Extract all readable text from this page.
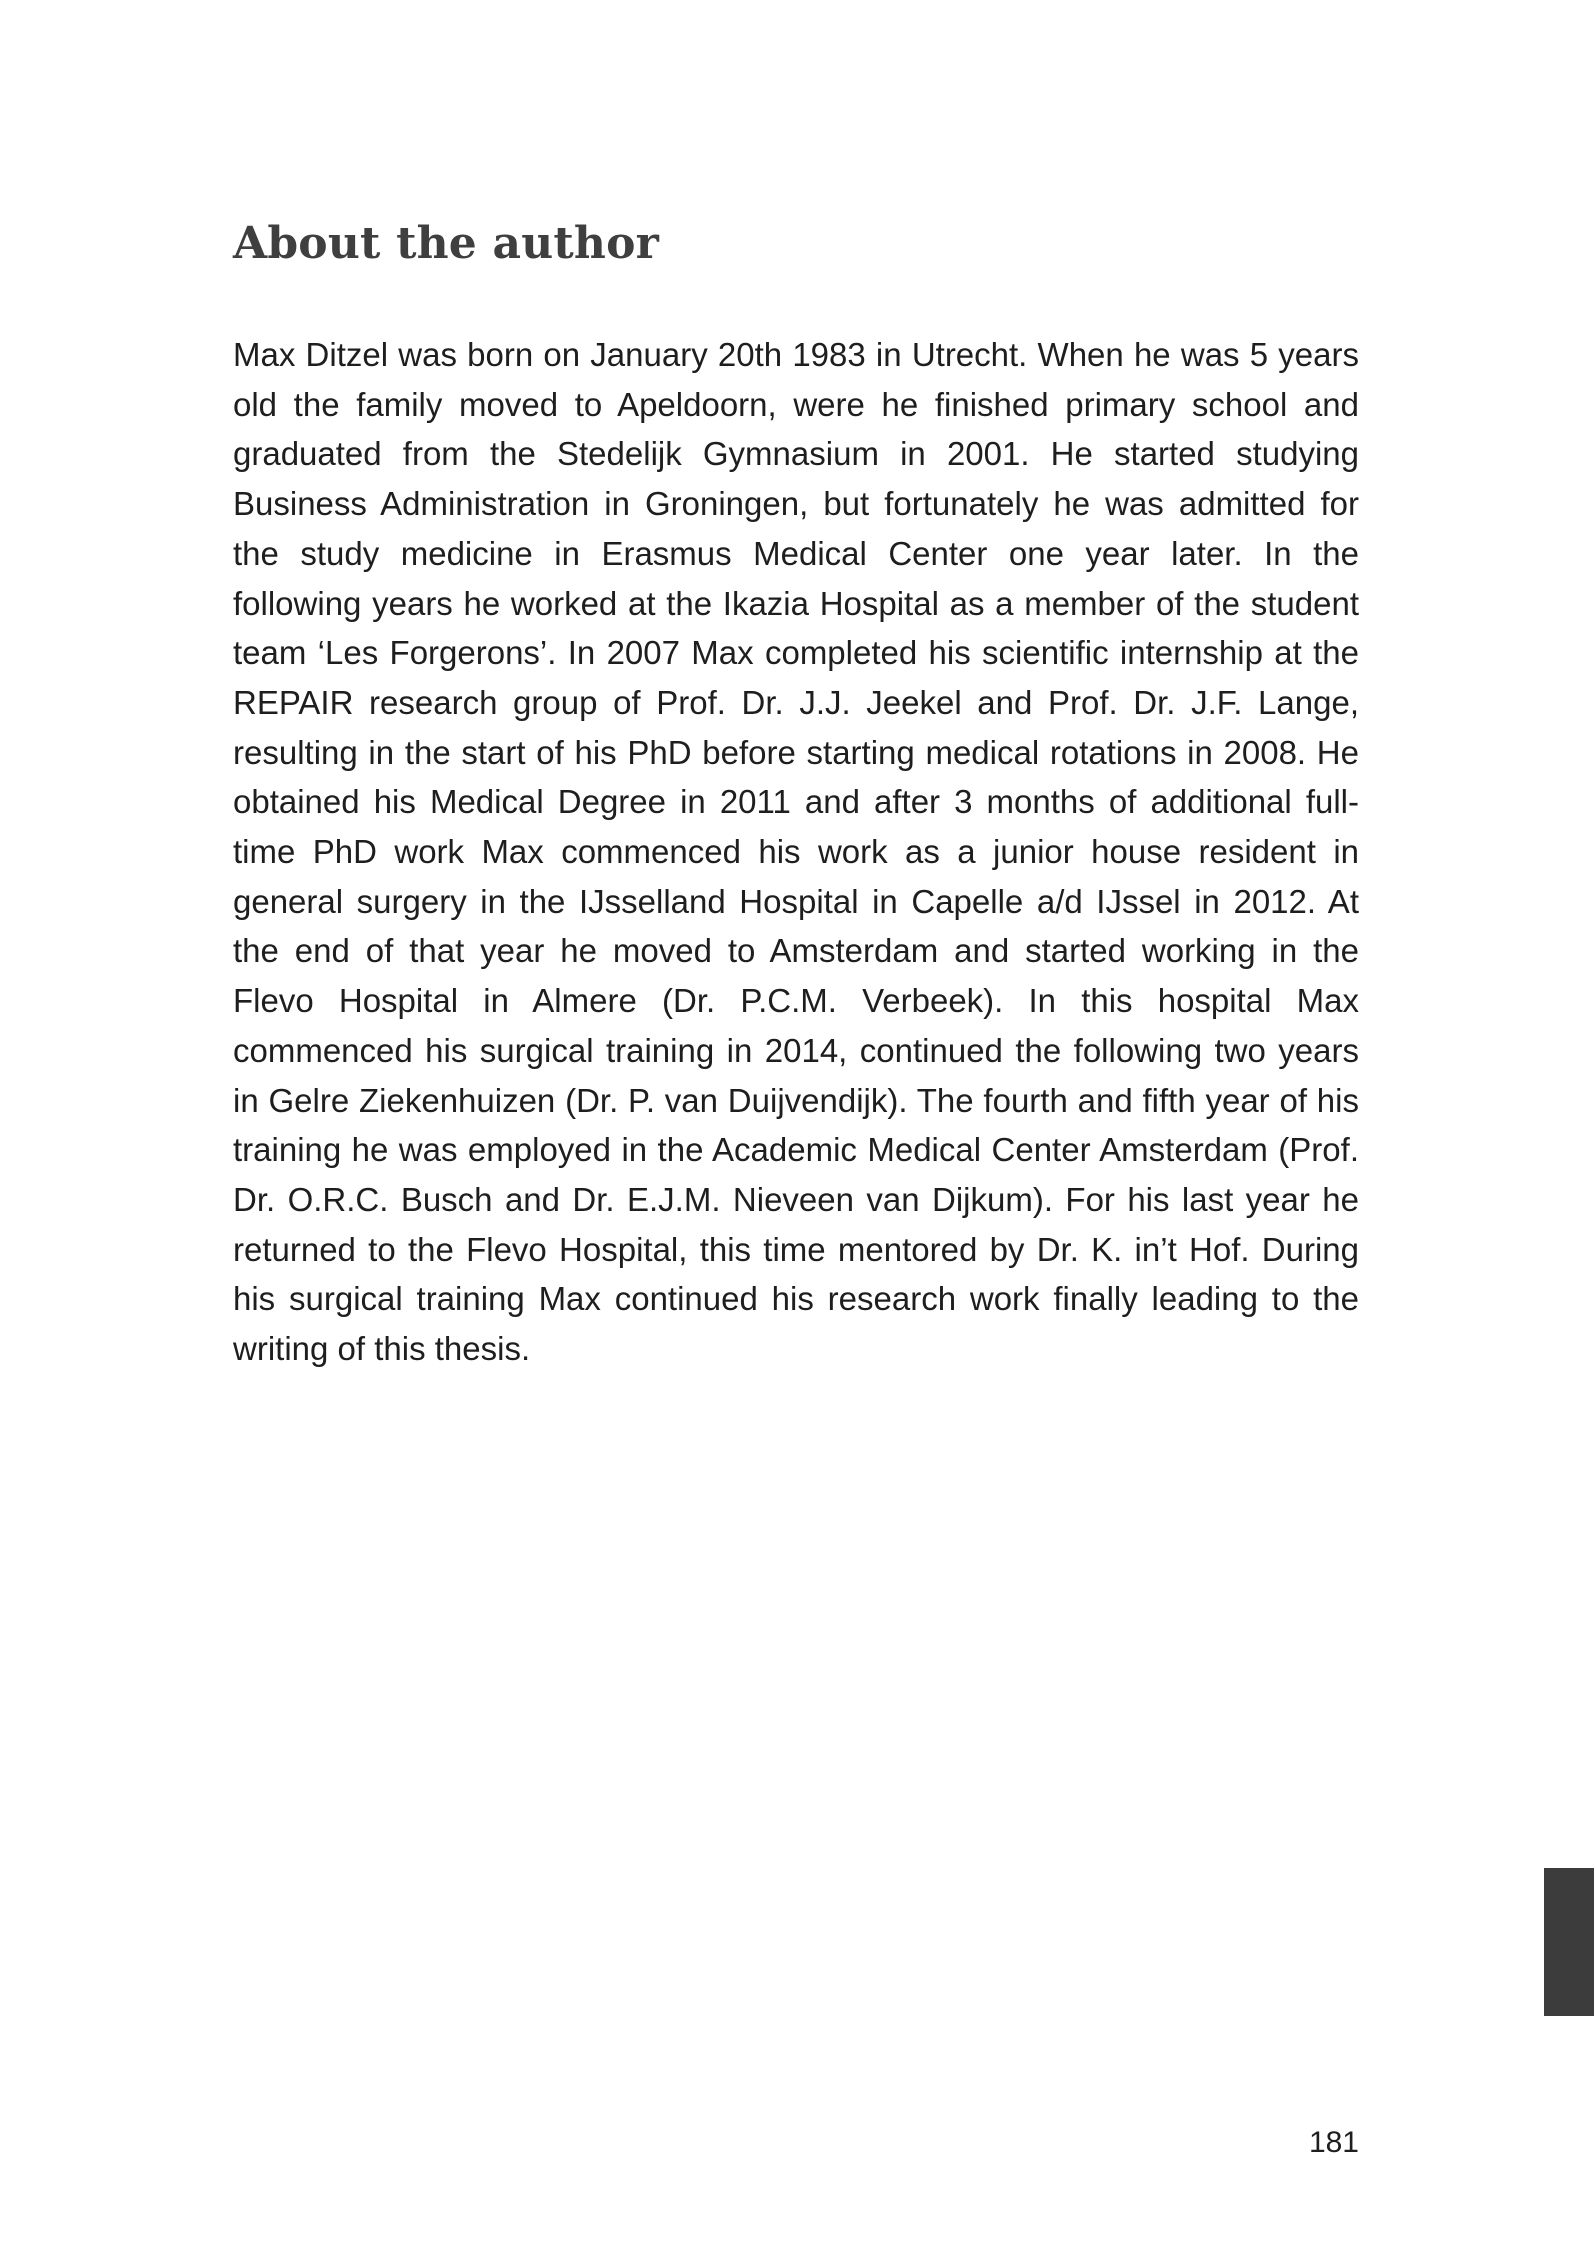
About the author

Max Ditzel was born on January 20th 1983 in Utrecht. When he was 5 years old the family moved to Apeldoorn, were he finished primary school and graduated from the Stedelijk Gymnasium in 2001. He started studying Business Administration in Groningen, but fortunately he was admitted for the study medicine in Erasmus Medical Center one year later. In the following years he worked at the Ikazia Hospital as a member of the student team ‘Les Forgerons’. In 2007 Max completed his scientific internship at the REPAIR research group of Prof. Dr. J.J. Jeekel and Prof. Dr. J.F. Lange, resulting in the start of his PhD before starting medical rotations in 2008. He obtained his Medical Degree in 2011 and after 3 months of additional full-time PhD work Max commenced his work as a junior house resident in general surgery in the IJsselland Hospital in Capelle a/d IJssel in 2012. At the end of that year he moved to Amsterdam and started working in the Flevo Hospital in Almere (Dr. P.C.M. Verbeek). In this hospital Max commenced his surgical training in 2014, continued the following two years in Gelre Ziekenhuizen (Dr. P. van Duijvendijk). The fourth and fifth year of his training he was employed in the Academic Medical Center Amsterdam (Prof. Dr. O.R.C. Busch and Dr. E.J.M. Nieveen van Dijkum). For his last year he returned to the Flevo Hospital, this time mentored by Dr. K. in’t Hof. During his surgical training Max continued his research work finally leading to the writing of this thesis.

181
